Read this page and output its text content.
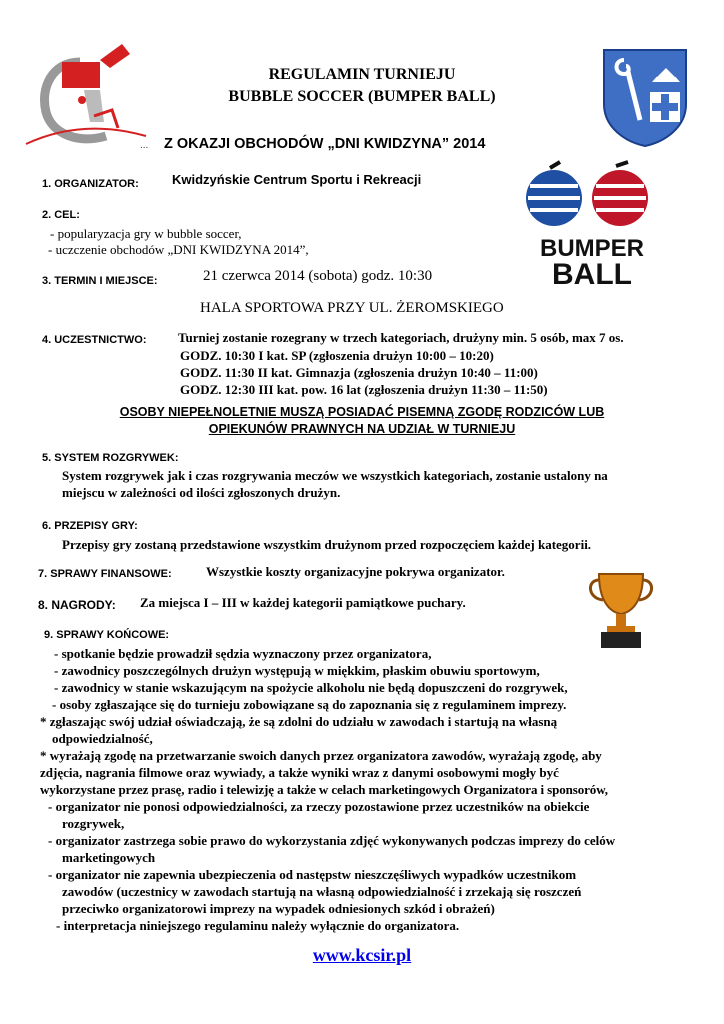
...
REGULAMIN TURNIEJU
BUBBLE SOCCER (BUMPER BALL)
Z OKAZJI OBCHODÓW „DNI KWIDZYNA” 2014
BUMPER
BALL
1. ORGANIZATOR:	Kwidzyńskie Centrum Sportu i Rekreacji
2. CEL:
- popularyzacja gry w bubble soccer,
- uczczenie obchodów „DNI KWIDZYNA 2014”,
3. TERMIN I MIEJSCE:	21 czerwca 2014 (sobota) godz. 10:30
HALA SPORTOWA PRZY UL. ŻEROMSKIEGO
4. UCZESTNICTWO: Turniej zostanie rozegrany w trzech kategoriach, drużyny min. 5 osób, max 7 os.
GODZ. 10:30 I kat. SP (zgłoszenia drużyn 10:00 – 10:20)
GODZ. 11:30 II kat. Gimnazja (zgłoszenia drużyn 10:40 – 11:00)
GODZ. 12:30 III kat. pow. 16 lat (zgłoszenia drużyn 11:30 – 11:50)
OSOBY NIEPEŁNOLETNIE MUSZĄ POSIADAĆ PISEMNĄ ZGODĘ RODZICÓW LUB
OPIEKUNÓW PRAWNYCH NA UDZIAŁ W TURNIEJU
5. SYSTEM ROZGRYWEK:
System rozgrywek jak i czas rozgrywania meczów we wszystkich kategoriach, zostanie ustalony na
miejscu w zależności od ilości zgłoszonych drużyn.
6. PRZEPISY GRY:
Przepisy gry zostaną przedstawione wszystkim drużynom przed rozpoczęciem każdej kategorii.
7. SPRAWY FINANSOWE:	Wszystkie koszty organizacyjne pokrywa organizator.
8. NAGRODY: Za miejsca I – III w każdej kategorii pamiątkowe puchary.
9. SPRAWY KOŃCOWE:
- spotkanie będzie prowadził sędzia wyznaczony przez organizatora,
- zawodnicy poszczególnych drużyn występują w miękkim, płaskim obuwiu sportowym,
- zawodnicy w stanie wskazującym na spożycie alkoholu nie będą dopuszczeni do rozgrywek,
- osoby zgłaszające się do turnieju zobowiązane są do zapoznania się z regulaminem imprezy.
* zgłaszając swój udział oświadczają, że są zdolni do udziału w zawodach i startują na własną
odpowiedzialność,
* wyrażają zgodę na przetwarzanie swoich danych przez organizatora zawodów, wyrażają zgodę, aby
zdjęcia, nagrania filmowe oraz wywiady, a także wyniki wraz z danymi osobowymi mogły być
wykorzystane przez prasę, radio i telewizję a także w celach marketingowych Organizatora i sponsorów,
- organizator nie ponosi odpowiedzialności, za rzeczy pozostawione przez uczestników na obiekcie
rozgrywek,
- organizator zastrzega sobie prawo do wykorzystania zdjęć wykonywanych podczas imprezy do celów
marketingowych
- organizator nie zapewnia ubezpieczenia od następstw nieszczęśliwych wypadków uczestnikom
zawodów (uczestnicy w zawodach startują na własną odpowiedzialność i zrzekają się roszczeń
przeciwko organizatorowi imprezy na wypadek odniesionych szkód i obrażeń)
- interpretacja niniejszego regulaminu należy wyłącznie do organizatora.
www.kcsir.pl
